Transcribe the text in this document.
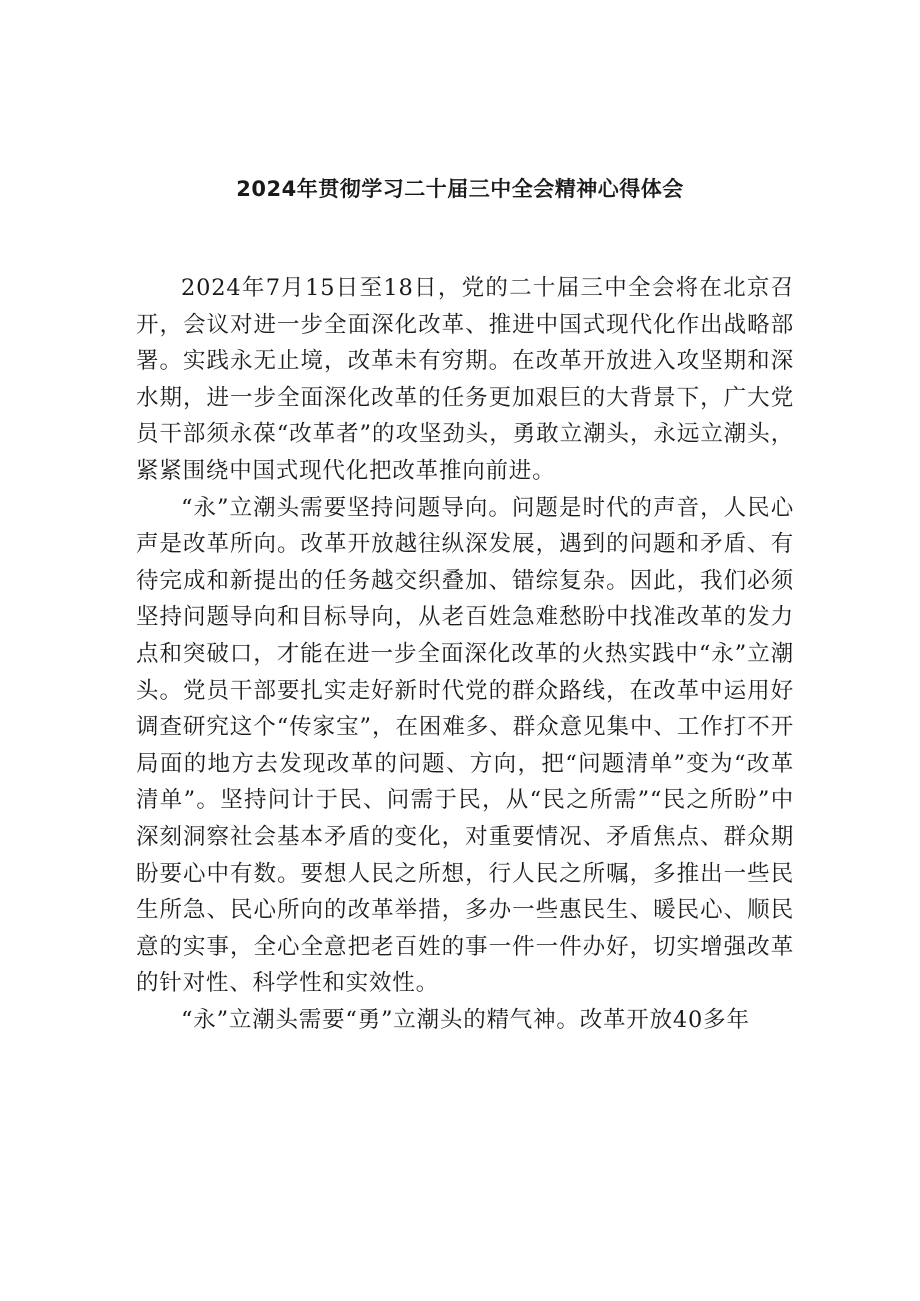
2024年贯彻学习二十届三中全会精神心得体会

2024年7月15日至18日，党的二十届三中全会将在北京召开，会议对进一步全面深化改革、推进中国式现代化作出战略部署。实践永无止境，改革未有穷期。在改革开放进入攻坚期和深水期，进一步全面深化改革的任务更加艰巨的大背景下，广大党员干部须永葆“改革者”的攻坚劲头，勇敢立潮头，永远立潮头，紧紧围绕中国式现代化把改革推向前进。

“永”立潮头需要坚持问题导向。问题是时代的声音，人民心声是改革所向。改革开放越往纵深发展，遇到的问题和矛盾、有待完成和新提出的任务越交织叠加、错综复杂。因此，我们必须坚持问题导向和目标导向，从老百姓急难愁盼中找准改革的发力点和突破口，才能在进一步全面深化改革的火热实践中“永”立潮头。党员干部要扎实走好新时代党的群众路线，在改革中运用好调查研究这个“传家宝”，在困难多、群众意见集中、工作打不开局面的地方去发现改革的问题、方向，把“问题清单”变为“改革清单”。坚持问计于民、问需于民，从“民之所需”“民之所盼”中深刻洞察社会基本矛盾的变化，对重要情况、矛盾焦点、群众期盼要心中有数。要想人民之所想，行人民之所嘱，多推出一些民生所急、民心所向的改革举措，多办一些惠民生、暖民心、顺民意的实事，全心全意把老百姓的事一件一件办好，切实增强改革的针对性、科学性和实效性。

“永”立潮头需要“勇”立潮头的精气神。改革开放40多年
